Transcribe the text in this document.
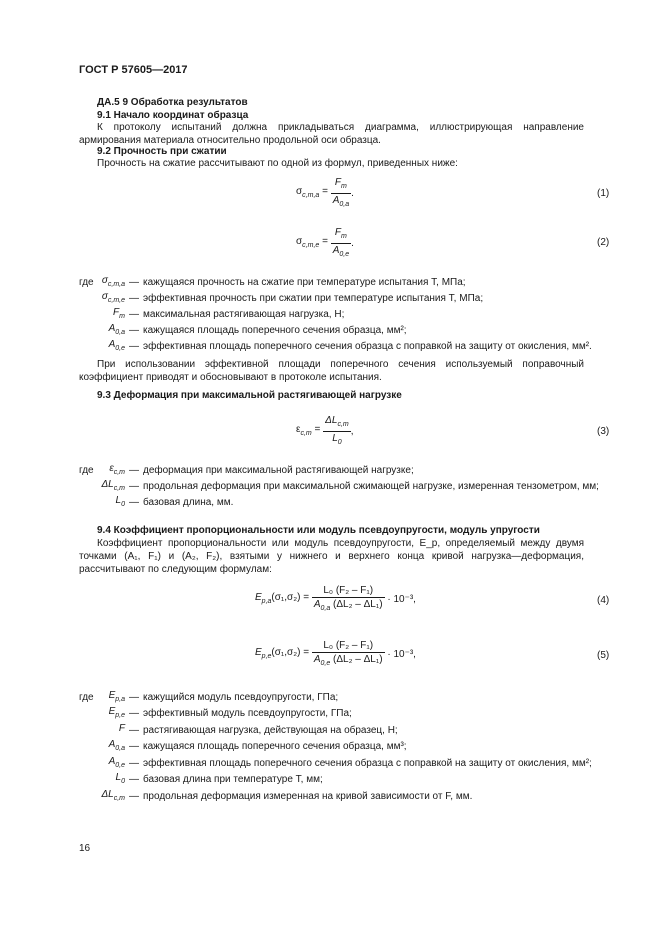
ГОСТ Р 57605—2017
ДА.5 9 Обработка результатов
9.1 Начало координат образца
К протоколу испытаний должна прикладываться диаграмма, иллюстрирующая направление армирования материала относительно продольной оси образца.
9.2 Прочность при сжатии
Прочность на сжатие рассчитывают по одной из формул, приведенных ниже:
$\sigma_{c,m,a} = \frac{F_m}{A_{0,a}}$ .	(1)
$\sigma_{c,m,e} = \frac{F_m}{A_{0,e}}$ .	(2)
где $\sigma_{c,m,a}$ — кажущаяся прочность на сжатие при температуре испытания T, МПа;
$\sigma_{c,m,e}$ — эффективная прочность при сжатии при температуре испытания T, МПа;
$F_m$ — максимальная растягивающая нагрузка, Н;
$A_{0,a}$ — кажущаяся площадь поперечного сечения образца, мм²;
$A_{0,e}$ — эффективная площадь поперечного сечения образца с поправкой на защиту от окисления, мм².
При использовании эффективной площади поперечного сечения используемый поправочный коэффициент приводят и обосновывают в протоколе испытания.
9.3 Деформация при максимальной растягивающей нагрузке
$\varepsilon_{c,m} = \frac{\Delta L_{c,m}}{L_0}$ ,	(3)
где	$\varepsilon_{c,m}$ — деформация при максимальной растягивающей нагрузке;
$\Delta L_{c,m}$ — продольная деформация при максимальной сжимающей нагрузке, измеренная тензометром, мм;
$L_0$ — базовая длина, мм.
9.4 Коэффициент пропорциональности или модуль псевдоупругости, модуль упругости
Коэффициент пропорциональности или модуль псевдоупругости, E_p, определяемый между двумя точками (A₁, F₁) и (A₂, F₂), взятыми у нижнего и верхнего конца кривой нагрузка—деформация, рассчитывают по следующим формулам:
$E_{p,a}(\sigma_1,\sigma_2) = \frac{\text{L₀ (F₂ – F₁)}}{A_{0,a} (\Delta L_2 - \Delta L_1)} \cdot 10^{-3}$,	(4)
$E_{p,e}(\sigma_1,\sigma_2) = \frac{\text{L₀ (F₂ – F₁)}}{A_{0,e} (\Delta L_2 - \Delta L_1)} \cdot 10^{-3}$,	(5)
где	$E_{p,a}$ — кажущийся модуль псевдоупругости, ГПа;
$E_{p,e}$ — эффективный модуль псевдоупругости, ГПа;
F — растягивающая нагрузка, действующая на образец, Н;
$A_{0,a}$ — кажущаяся площадь поперечного сечения образца, мм³;
$A_{0,e}$ — эффективная площадь поперечного сечения образца с поправкой на защиту от окисления, мм²;
$L_0$ — базовая длина при температуре T, мм;
$\Delta L_{c,m}$ — продольная деформация измеренная на кривой зависимости от F, мм.
16
